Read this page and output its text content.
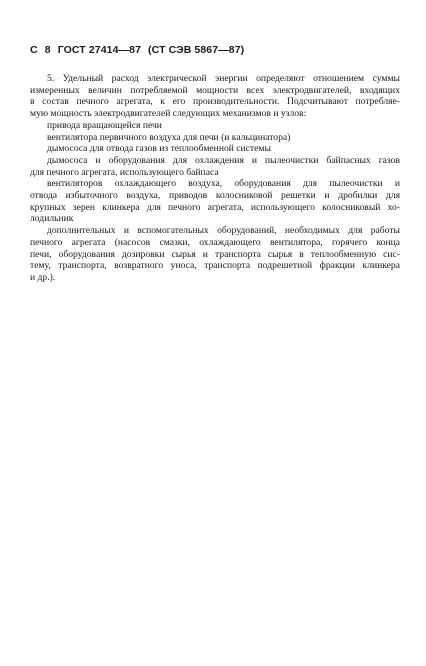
С 8 ГОСТ 27414—87 (СТ СЭВ 5867—87)
5. Удельный расход электрической энергии определяют отношением суммы
измеренных величин потребляемой мощности всех электродвигателей, входящих
в состав печного агрегата, к его производительности. Подсчитывают потребляе-
мую мощность электродвигателей следующих механизмов и узлов:
привода вращающейся печи
вентилятора первичного воздуха для печи (и кальцинатора)
дымососа для отвода газов из теплообменной системы
дымососа и оборудования для охлаждения и пылеочистки байпасных газов
для печного агрегата, использующего байпаса
вентиляторов охлаждающего воздуха, оборудования для пылеочистки и
отвода избыточного воздуха, приводов колосниковой решетки и дробилки для
крупных зерен клинкера для печного агрегата, использующего колосниковый хо-
лодильник
дополнительных и вспомогательных оборудований, необходимых для работы
печного агрегата (насосов смазки, охлаждающего вентилятора, горячего конца
печи, оборудования дозировки сырья и транспорта сырья в теплообменную сис-
тему, транспорта, возвратного уноса, транспорта подрешетной фракции клинкера
и др.).
